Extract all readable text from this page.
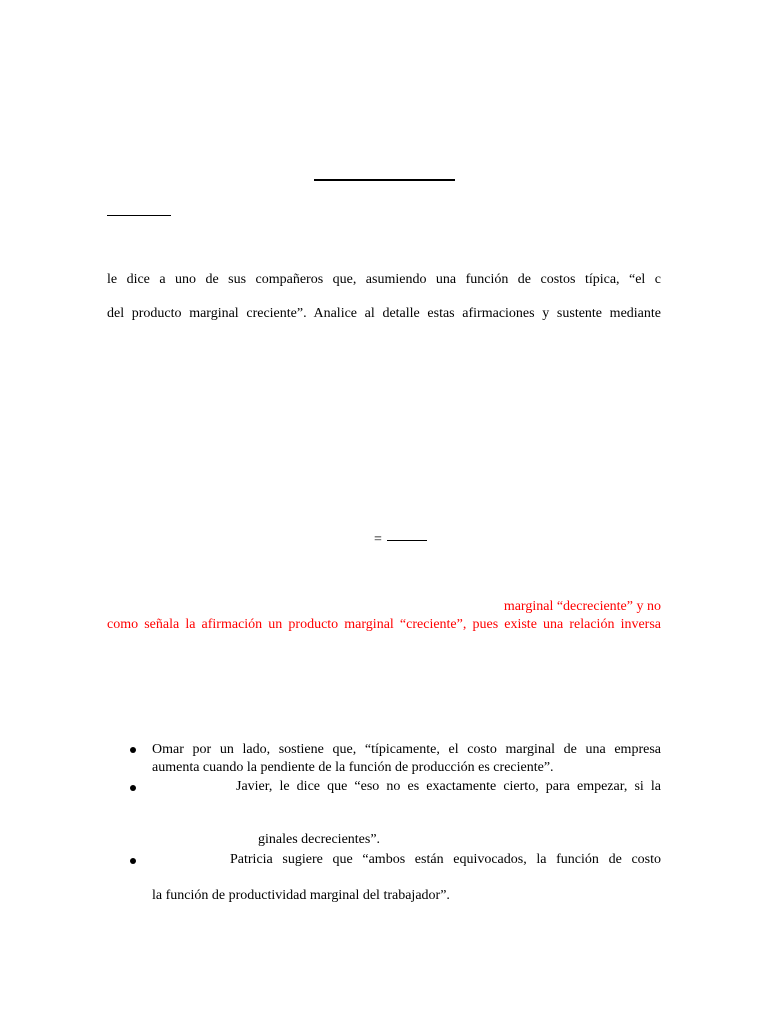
le dice a uno de sus compañeros que, asumiendo una función de costos típica, “el c
del producto marginal creciente”. Analice al detalle estas afirmaciones y sustente mediante
=
marginal “decreciente” y no
como señala la afirmación un producto marginal “creciente”, pues existe una relación inversa
Omar por un lado, sostiene que, “típicamente, el costo marginal de una empresa
aumenta cuando la pendiente de la función de producción es creciente”.
Javier, le dice que “eso no es exactamente cierto, para empezar, si la
ginales decrecientes”.
Patricia sugiere que “ambos están equivocados, la función de costo
la función de productividad marginal del trabajador”.
